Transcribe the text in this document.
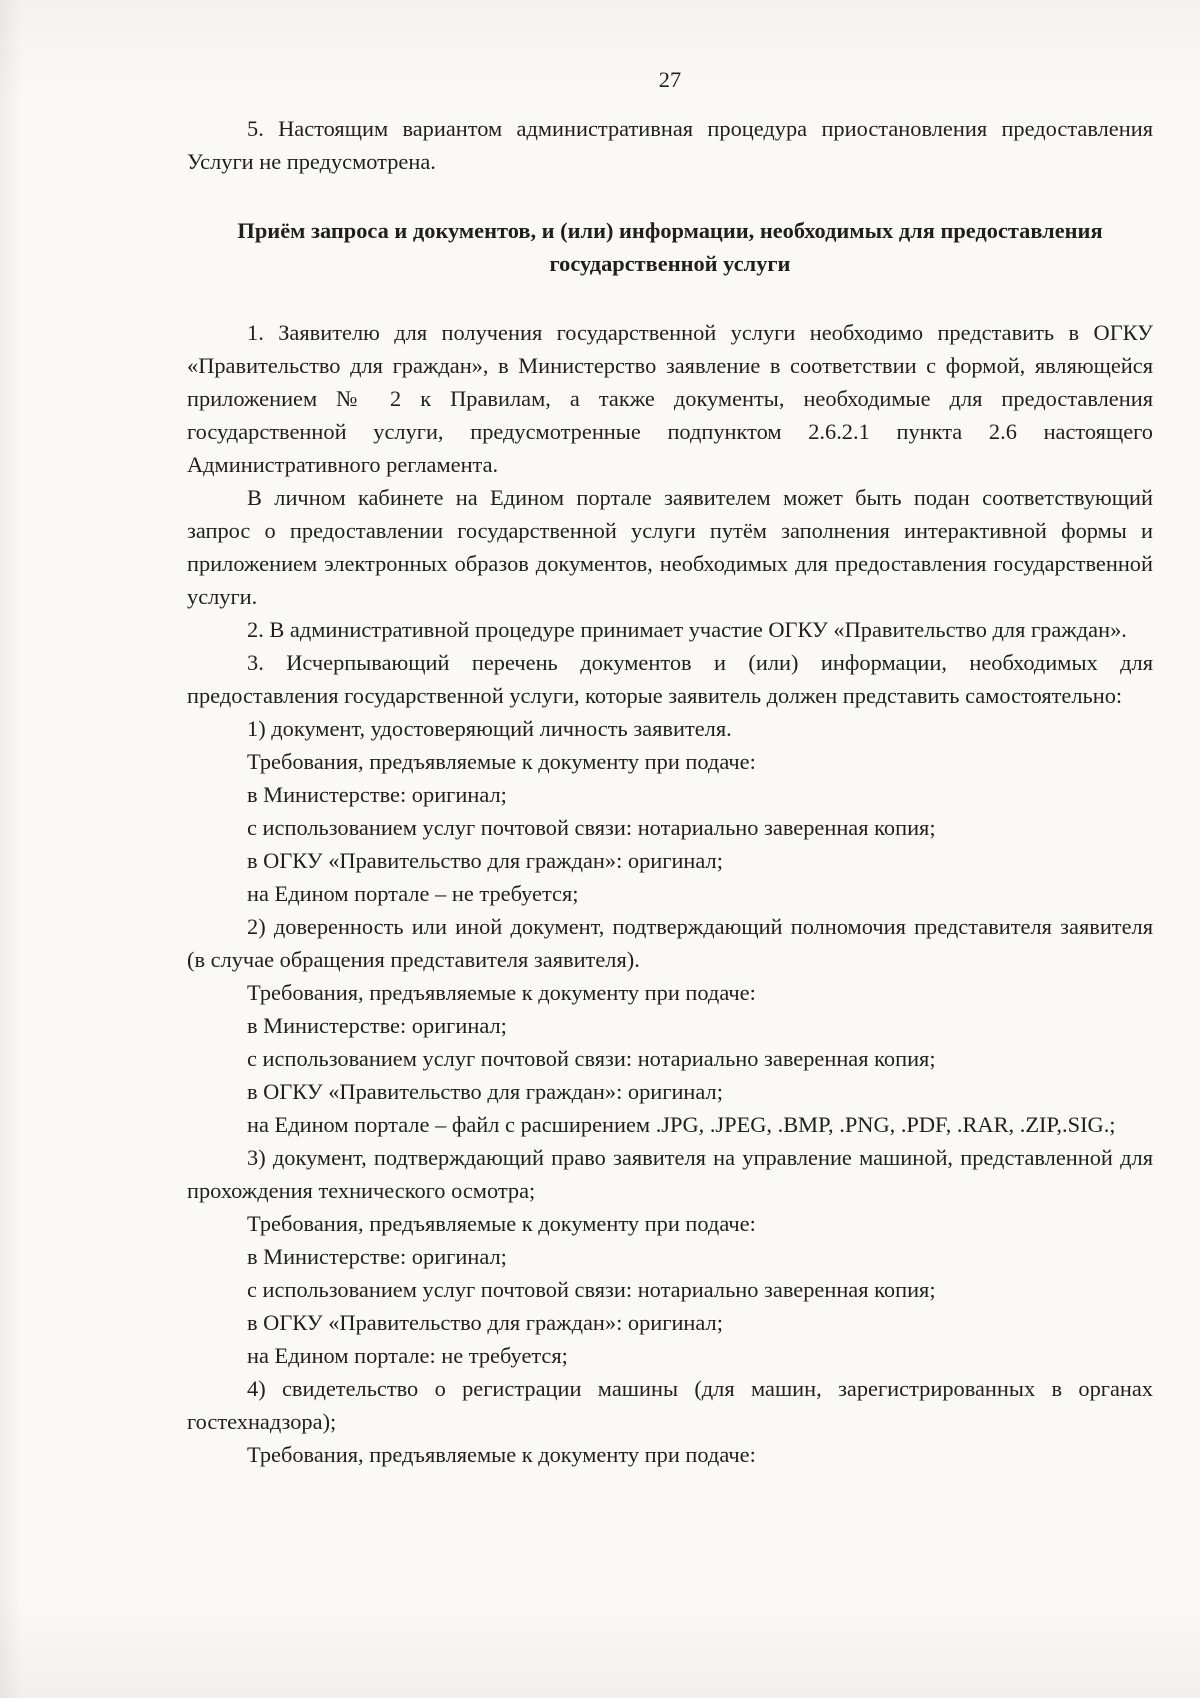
27

5. Настоящим вариантом административная процедура приостановления предоставления Услуги не предусмотрена.

Приём запроса и документов, и (или) информации, необходимых для предоставления государственной услуги

1. Заявителю для получения государственной услуги необходимо представить в ОГКУ «Правительство для граждан», в Министерство заявление в соответствии с формой, являющейся приложением № 2 к Правилам, а также документы, необходимые для предоставления государственной услуги, предусмотренные подпунктом 2.6.2.1 пункта 2.6 настоящего Административного регламента.

В личном кабинете на Едином портале заявителем может быть подан соответствующий запрос о предоставлении государственной услуги путём заполнения интерактивной формы и приложением электронных образов документов, необходимых для предоставления государственной услуги.

2. В административной процедуре принимает участие ОГКУ «Правительство для граждан».

3. Исчерпывающий перечень документов и (или) информации, необходимых для предоставления государственной услуги, которые заявитель должен представить самостоятельно:

1) документ, удостоверяющий личность заявителя.

Требования, предъявляемые к документу при подаче:

в Министерстве: оригинал;

с использованием услуг почтовой связи: нотариально заверенная копия;

в ОГКУ «Правительство для граждан»: оригинал;

на Едином портале – не требуется;

2) доверенность или иной документ, подтверждающий полномочия представителя заявителя (в случае обращения представителя заявителя).

Требования, предъявляемые к документу при подаче:

в Министерстве: оригинал;

с использованием услуг почтовой связи: нотариально заверенная копия;

в ОГКУ «Правительство для граждан»: оригинал;

на Едином портале – файл с расширением .JPG, .JPEG, .BMP, .PNG, .PDF, .RAR, .ZIP,.SIG.;

3) документ, подтверждающий право заявителя на управление машиной, представленной для прохождения технического осмотра;

Требования, предъявляемые к документу при подаче:

в Министерстве: оригинал;

с использованием услуг почтовой связи: нотариально заверенная копия;

в ОГКУ «Правительство для граждан»: оригинал;

на Едином портале: не требуется;

4) свидетельство о регистрации машины (для машин, зарегистрированных в органах гостехнадзора);

Требования, предъявляемые к документу при подаче:
